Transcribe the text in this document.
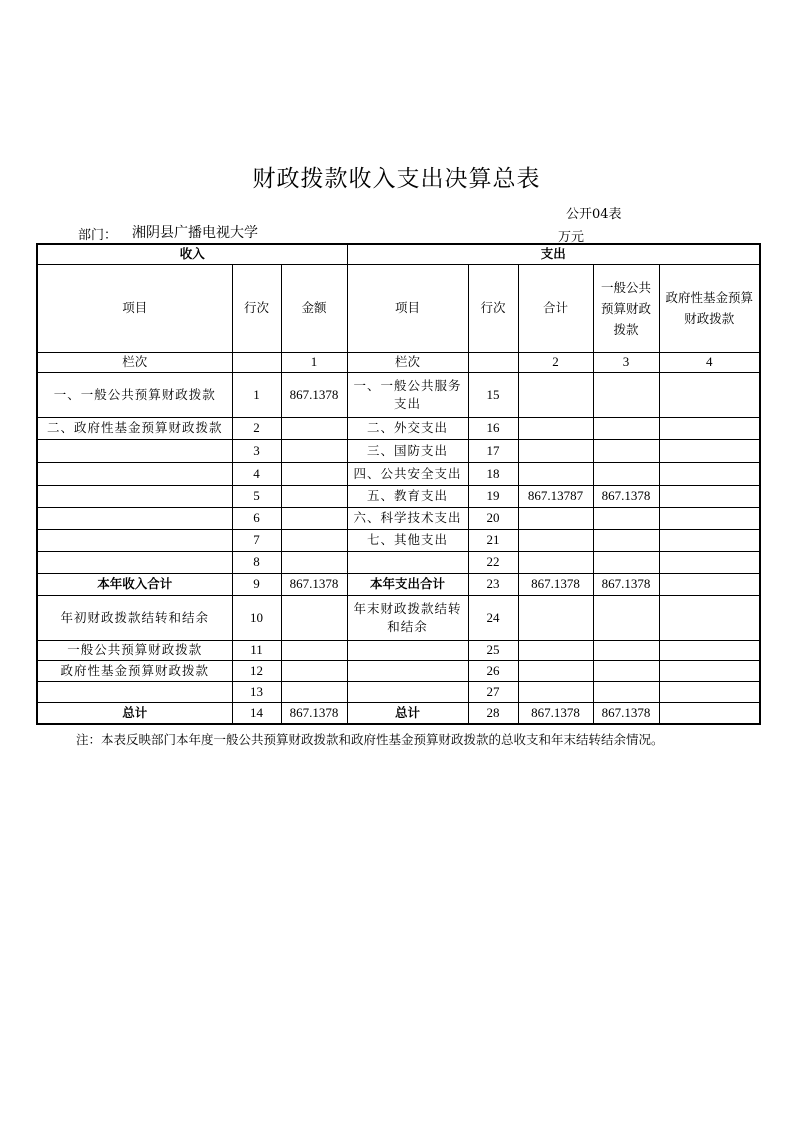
财政拨款收入支出决算总表
公开04表
部门： 湘阴县广播电视大学	万元
收入			支出				
项目	行次	金额	项目	行次	合计	一般公共预算财政拨款	政府性基金预算财政拨款
栏次		1	栏次		2	3	4
一、一般公共预算财政拨款	1	867.1378	一、一般公共服务支出	15			
二、政府性基金预算财政拨款	2		二、外交支出	16			
	3		三、国防支出	17			
	4		四、公共安全支出	18			
	5		五、教育支出	19	867.13787	867.1378	
	6		六、科学技术支出	20			
	7		七、其他支出	21			
	8			22			
本年收入合计	9	867.1378	本年支出合计	23	867.1378	867.1378	
年初财政拨款结转和结余	10		年末财政拨款结转和结余	24			
一般公共预算财政拨款	11			25			
政府性基金预算财政拨款	12			26			
	13			27			
总计	14	867.1378	总计	28	867.1378	867.1378	
注：本表反映部门本年度一般公共预算财政拨款和政府性基金预算财政拨款的总收支和年末结转结余情况。
